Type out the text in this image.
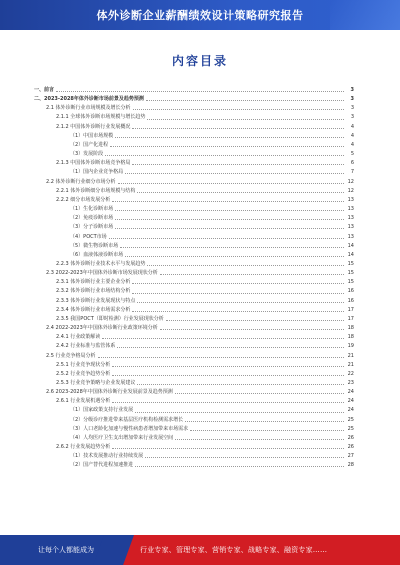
体外诊断企业薪酬绩效设计策略研究报告
内容目录
一、前言	3
二、2023-2028年体外诊断市场前景及趋势预测	3
2.1 体外诊断行业市场规模及增长分析	3
2.1.1 全球体外诊断市场规模与增长趋势	3
2.1.2 中国体外诊断行业发展概况	4
（1）中国市场规模	4
（2）国产化进程	4
（3）发展阶段	5
2.1.3 中国体外诊断市场竞争格局	6
（1）国内企业竞争格局	7
2.2 体外诊断行业细分市场分析	12
2.2.1 体外诊断细分市场规模与结构	12
2.2.2 细分市场发展分析	13
（1）生化诊断市场	13
（2）免疫诊断市场	13
（3）分子诊断市场	13
（4）POCT市场	13
（5）微生物诊断市场	14
（6）血液体液诊断市场	14
2.2.3 体外诊断行业技术水平与发展趋势	15
2.3 2022-2023年中国体外诊断市场发展现状分析	15
2.3.1 体外诊断行业主要企业分析	15
2.3.2 体外诊断行业市场结构分析	16
2.3.3 体外诊断行业发展现状与特点	16
2.3.4 体外诊断行业市场需求分析	17
2.3.5 我国POCT（即时检测）行业发展现状分析	17
2.4 2022-2023年中国体外诊断行业政策环境分析	18
2.4.1 行业政策解读	18
2.4.2 行业标准与监管体系	19
2.5 行业竞争格局分析	21
2.5.1 行业竞争现状分析	21
2.5.2 行业竞争趋势分析	22
2.5.3 行业竞争策略与企业发展建议	23
2.6 2023-2028年中国体外诊断行业发展前景及趋势预测	24
2.6.1 行业发展机遇分析	24
（1）国家政策支持行业发展	24
（2）分级诊疗推进带来基层医疗机构检测需求增长	25
（3）人口老龄化加速与慢性病患者增加带来市场需求	25
（4）人均医疗卫生支出增加带来行业发展空间	26
2.6.2 行业发展趋势分析	26
（1）技术发展推动行业持续发展	27
（2）国产替代进程加速推进	28
让每个人都能成为	行业专家、管理专家、营销专家、战略专家、融资专家……
